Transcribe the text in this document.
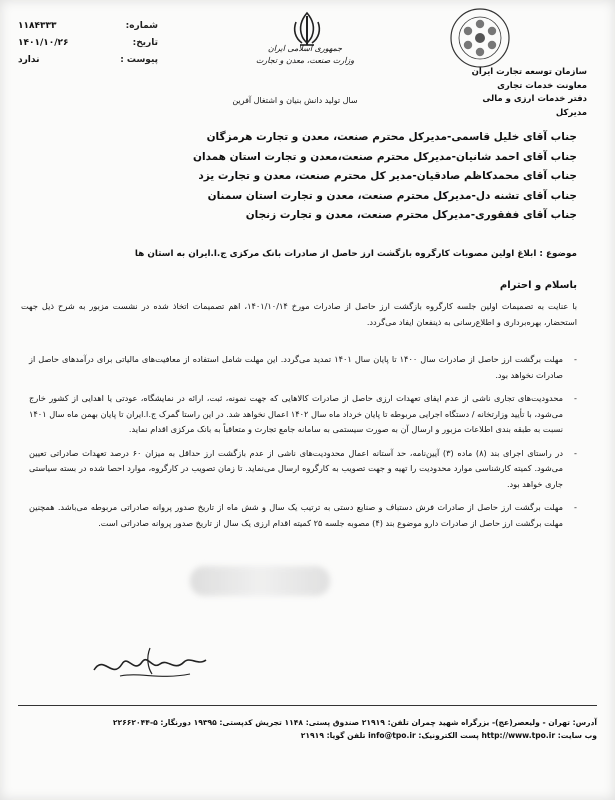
شماره:
۱۱۸۴۳۳۳
تاریخ:
۱۴۰۱/۱۰/۲۶
پیوست :
ندارد
جمهوری اسلامی ایران
وزارت صنعت، معدن و تجارت
سازمان توسعه تجارت ایران
معاونت خدمات تجاری
دفتر خدمات ارزی و مالی
مدیرکل
سال تولید دانش بنیان و اشتغال آفرین
جناب آقای خلیل قاسمی-مدیرکل محترم صنعت، معدن و تجارت هرمزگان
جناب آقای احمد شانیان-مدیرکل محترم صنعت،معدن و تجارت استان همدان
جناب آقای محمدکاظم صادقیان-مدیر کل محترم صنعت، معدن و تجارت یزد
جناب آقای تشنه دل-مدیرکل محترم صنعت، معدن و تجارت استان سمنان
جناب آقای ففقوری-مدیرکل محترم صنعت، معدن و تجارت زنجان
موضوع : ابلاغ اولین مصوبات کارگروه بازگشت ارز حاصل از صادرات بانک مرکزی ج.ا.ایران به استان ها
باسلام و احترام
با عنایت به تصمیمات اولین جلسه کارگروه بازگشت ارز حاصل از صادرات مورخ ۱۴۰۱/۱۰/۱۴، اهم تصمیمات اتخاذ شده در نشست مزبور به شرح ذیل جهت استحضار، بهره‌برداری و اطلاع‌رسانی به ذینفعان ایفاد می‌گردد.
-
مهلت برگشت ارز حاصل از صادرات سال ۱۴۰۰ تا پایان سال ۱۴۰۱ تمدید می‌گردد. این مهلت شامل استفاده از معافیت‌های مالیاتی برای درآمدهای حاصل از صادرات نخواهد بود.
-
محدودیت‌های تجاری ناشی از عدم ایفای تعهدات ارزی حاصل از صادرات کالاهایی که جهت نمونه، ثبت، ارائه در نمایشگاه، عودتی یا اهدایی از کشور خارج می‌شود، با تأیید وزارتخانه / دستگاه اجرایی مربوطه تا پایان خرداد ماه سال ۱۴۰۲ اعمال نخواهد شد. در این راستا گمرک ج.ا.ایران تا پایان بهمن ماه سال ۱۴۰۱ نسبت به طبقه بندی اطلاعات مزبور و ارسال آن به صورت سیستمی به سامانه جامع تجارت و متعاقباً به بانک مرکزی اقدام نماید.
-
در راستای اجرای بند (۸) ماده (۳) آیین‌نامه، حد آستانه اعمال محدودیت‌های ناشی از عدم بازگشت ارز حداقل به میزان ۶۰ درصد تعهدات صادراتی تعیین می‌شود. کمیته کارشناسی موارد محدودیت را تهیه و جهت تصویب به کارگروه ارسال می‌نماید. تا زمان تصویب در کارگروه، موارد احصا شده در بسته سیاستی جاری خواهد بود.
-
مهلت برگشت ارز حاصل از صادرات فرش دستباف و صنایع دستی به ترتیب یک سال و شش ماه از تاریخ صدور پروانه صادراتی مربوطه می‌باشد. همچنین مهلت برگشت ارز حاصل از صادرات دارو موضوع بند (۴) مصوبه جلسه ۲۵ کمیته اقدام ارزی یک سال از تاریخ صدور پروانه صادراتی است.
آدرس: تهران - ولیعصر(عج)- بزرگراه شهید چمران تلفن: ۲۱۹۱۹ صندوق پستی: ۱۱۴۸ تجریش کدپستی: ۱۹۳۹۵ دورنگار: ۵-۲۲۶۶۲۰۴۴
وب سایت: http://www.tpo.ir پست الکترونیک: info@tpo.ir تلفن گویا: ۲۱۹۱۹
